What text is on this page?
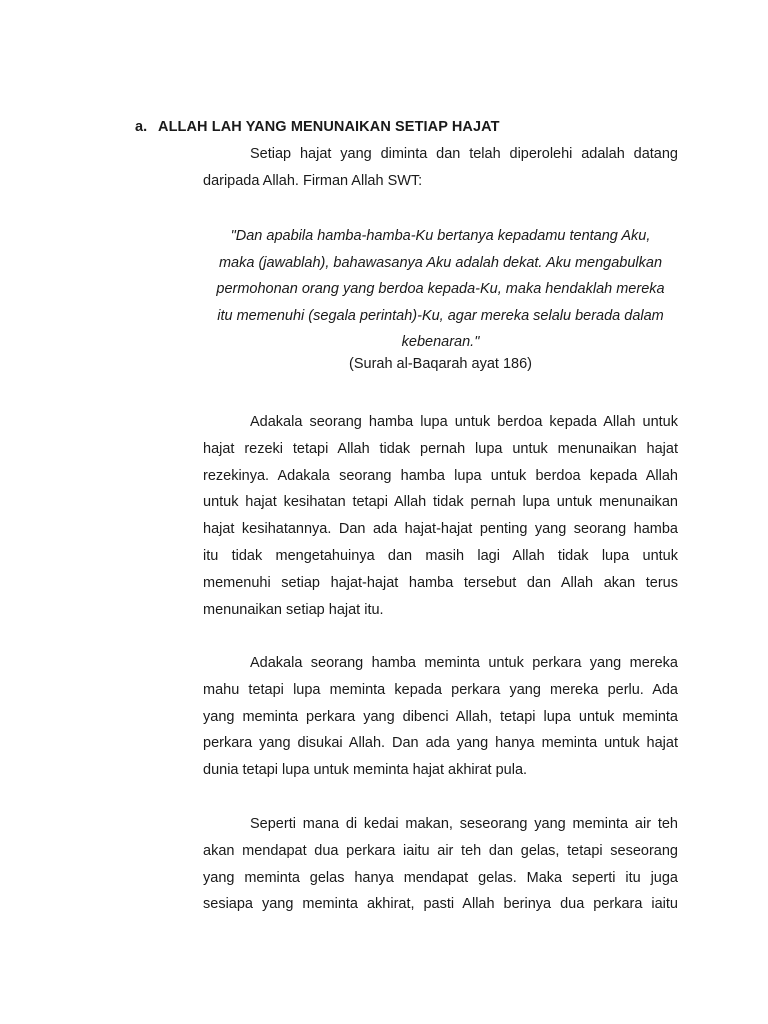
a. ALLAH LAH YANG MENUNAIKAN SETIAP HAJAT
Setiap hajat yang diminta dan telah diperolehi adalah datang
daripada Allah. Firman Allah SWT:
"Dan apabila hamba-hamba-Ku bertanya kepadamu tentang Aku,
maka (jawablah), bahawasanya Aku adalah dekat. Aku mengabulkan
permohonan orang yang berdoa kepada-Ku, maka hendaklah mereka
itu memenuhi (segala perintah)-Ku, agar mereka selalu berada dalam
kebenaran."
(Surah al-Baqarah ayat 186)
Adakala seorang hamba lupa untuk berdoa kepada Allah untuk
hajat rezeki tetapi Allah tidak pernah lupa untuk menunaikan hajat
rezekinya. Adakala seorang hamba lupa untuk berdoa kepada Allah
untuk hajat kesihatan tetapi Allah tidak pernah lupa untuk menunaikan
hajat kesihatannya. Dan ada hajat-hajat penting yang seorang hamba
itu tidak mengetahuinya dan masih lagi Allah tidak lupa untuk
memenuhi setiap hajat-hajat hamba tersebut dan Allah akan terus
menunaikan setiap hajat itu.
Adakala seorang hamba meminta untuk perkara yang mereka
mahu tetapi lupa meminta kepada perkara yang mereka perlu. Ada
yang meminta perkara yang dibenci Allah, tetapi lupa untuk meminta
perkara yang disukai Allah. Dan ada yang hanya meminta untuk hajat
dunia tetapi lupa untuk meminta hajat akhirat pula.
Seperti mana di kedai makan, seseorang yang meminta air teh
akan mendapat dua perkara iaitu air teh dan gelas, tetapi seseorang
yang meminta gelas hanya mendapat gelas. Maka seperti itu juga
sesiapa yang meminta akhirat, pasti Allah berinya dua perkara iaitu
